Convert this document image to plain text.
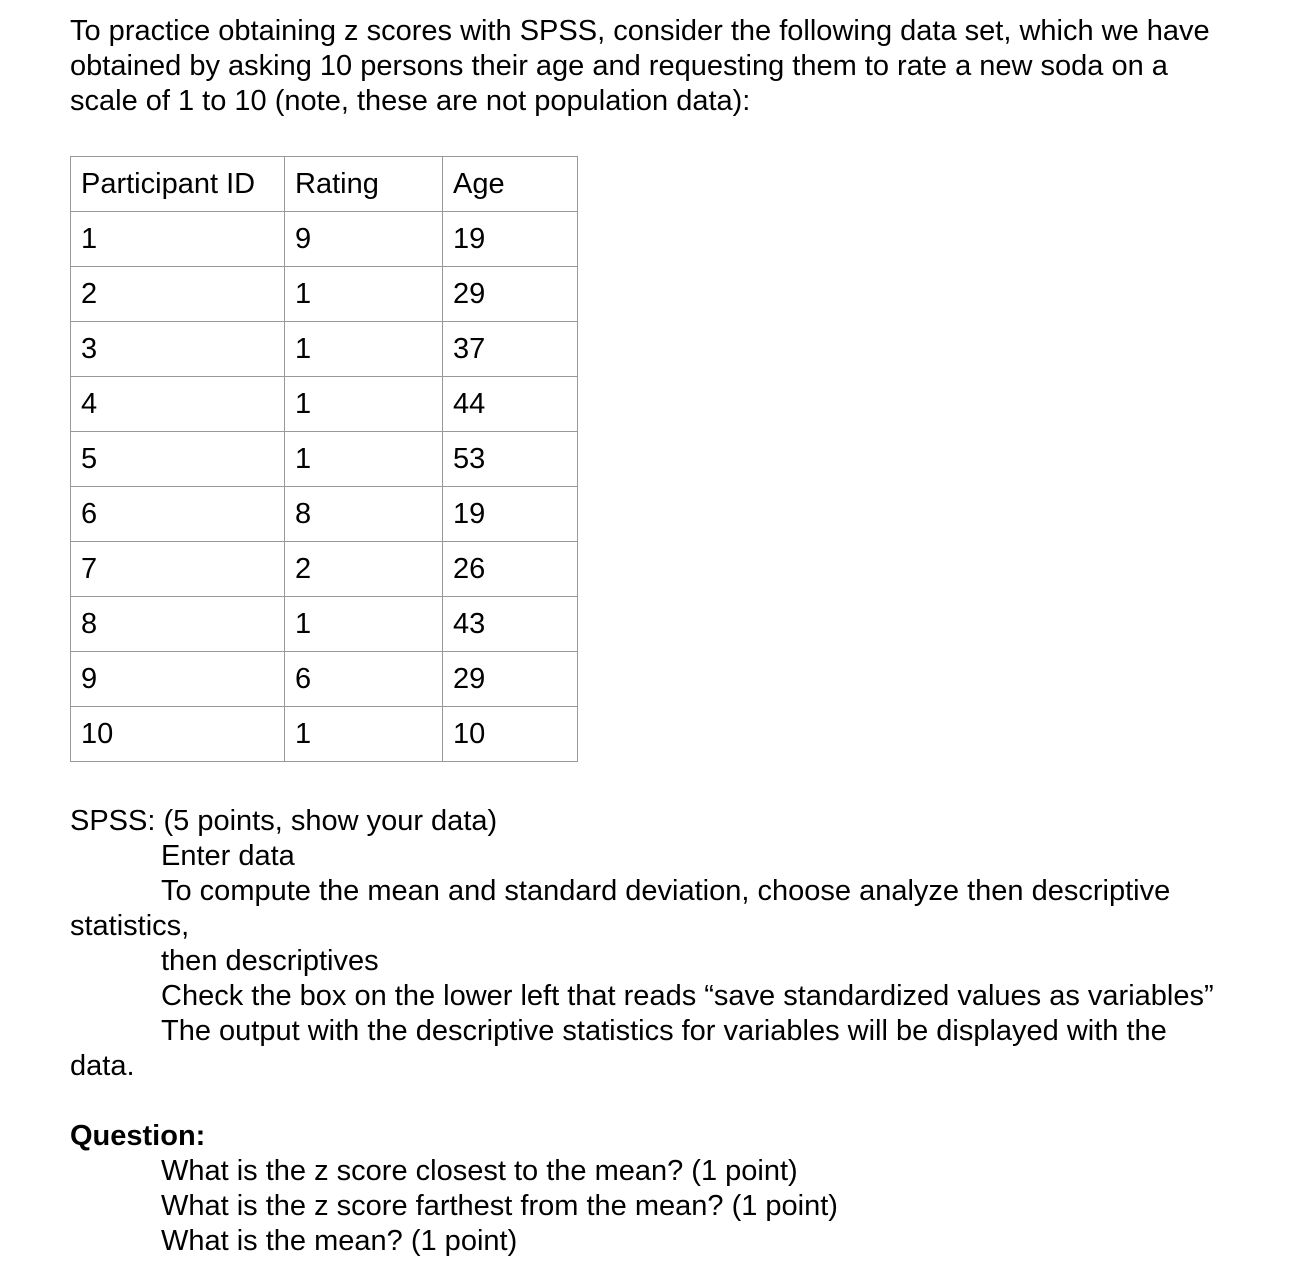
To practice obtaining z scores with SPSS, consider the following data set, which we have
obtained by asking 10 persons their age and requesting them to rate a new soda on a
scale of 1 to 10 (note, these are not population data):

Participant ID	Rating	Age
1	9	19
2	1	29
3	1	37
4	1	44
5	1	53
6	8	19
7	2	26
8	1	43
9	6	29
10	1	10
SPSS: (5 points, show your data)
Enter data
To compute the mean and standard deviation, choose analyze then descriptive
statistics,
then descriptives
Check the box on the lower left that reads “save standardized values as variables”
The output with the descriptive statistics for variables will be displayed with the
data.
Question:
What is the z score closest to the mean? (1 point)
What is the z score farthest from the mean? (1 point)
What is the mean? (1 point)
